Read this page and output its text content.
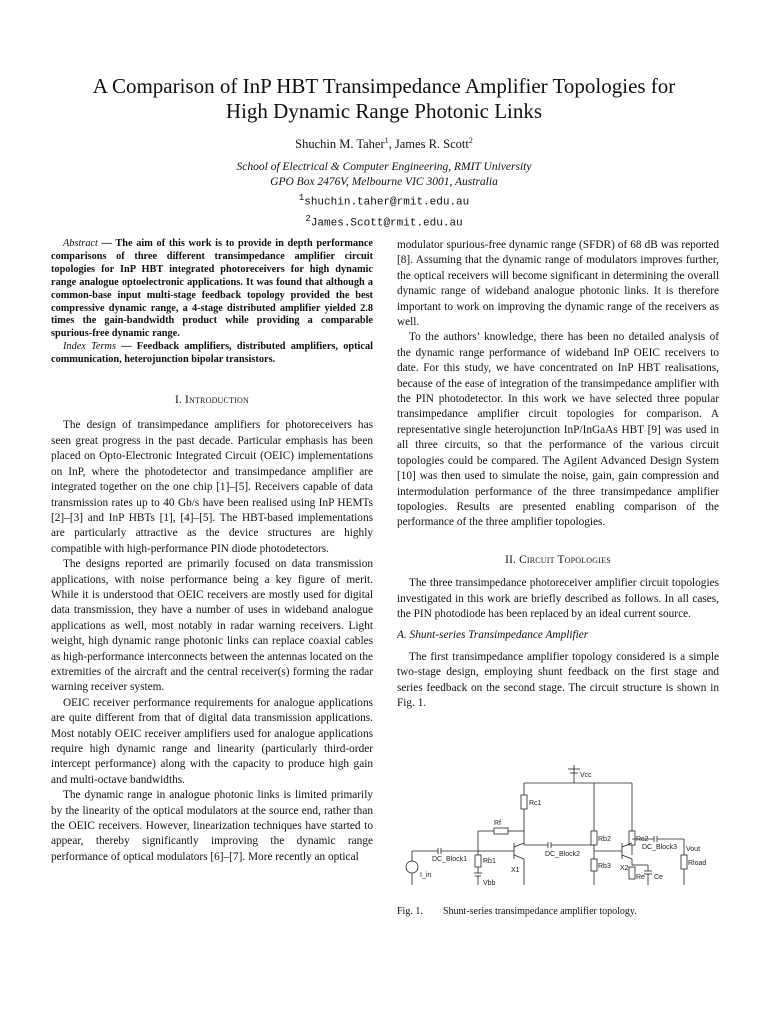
A Comparison of InP HBT Transimpedance Amplifier Topologies for
High Dynamic Range Photonic Links
Shuchin M. Taher$^1$, James R. Scott$^2$
School of Electrical & Computer Engineering, RMIT University
GPO Box 2476V, Melbourne VIC 3001, Australia
$^1$shuchin.taher@rmit.edu.au
$^2$James.Scott@rmit.edu.au

Abstract — The aim of this work is to provide in depth performance comparisons of three different transimpedance amplifier circuit topologies for InP HBT integrated photoreceivers for high dynamic range analogue optoelectronic applications. It was found that although a common-base input multi-stage feedback topology provided the best compressive dynamic range, a 4-stage distributed amplifier yielded 2.8 times the gain-bandwidth product while providing a comparable spurious-free dynamic range.

Index Terms — Feedback amplifiers, distributed amplifiers, optical communication, heterojunction bipolar transistors.

I. Introduction

The design of transimpedance amplifiers for photoreceivers has seen great progress in the past decade. Particular emphasis has been placed on Opto-Electronic Integrated Circuit (OEIC) implementations on InP, where the photodetector and transimpedance amplifier are integrated together on the one chip [1]–[5]. Receivers capable of data transmission rates up to 40 Gb/s have been realised using InP HEMTs [2]–[3] and InP HBTs [1], [4]–[5]. The HBT-based implementations are particularly attractive as the device structures are highly compatible with high-performance PIN diode photodetectors.

The designs reported are primarily focused on data transmission applications, with noise performance being a key figure of merit. While it is understood that OEIC receivers are mostly used for digital data transmission, they have a number of uses in wideband analogue applications as well, most notably in radar warning receivers. Light weight, high dynamic range photonic links can replace coaxial cables as high-performance interconnects between the antennas located on the extremities of the aircraft and the central receiver(s) forming the radar warning receiver system.

OEIC receiver performance requirements for analogue applications are quite different from that of digital data transmission applications. Most notably OEIC receiver amplifiers used for analogue applications require high dynamic range and linearity (particularly third-order intercept performance) along with the capacity to produce high gain and multi-octave bandwidths.

The dynamic range in analogue photonic links is limited primarily by the linearity of the optical modulators at the source end, rather than the OEIC receivers. However, linearization techniques have started to appear, thereby significantly improving the dynamic range performance of optical modulators [6]–[7]. More recently an optical

modulator spurious-free dynamic range (SFDR) of 68 dB was reported [8]. Assuming that the dynamic range of modulators improves further, the optical receivers will become significant in determining the overall dynamic range of wideband analogue photonic links. It is therefore important to work on improving the dynamic range of the receivers as well.

To the authors’ knowledge, there has been no detailed analysis of the dynamic range performance of wideband InP OEIC receivers to date. For this study, we have concentrated on InP HBT realisations, because of the ease of integration of the transimpedance amplifier with the PIN photodetector. In this work we have selected three popular transimpedance amplifier circuit topologies for comparison. A representative single heterojunction InP/InGaAs HBT [9] was used in all three circuits, so that the performance of the various circuit topologies could be compared. The Agilent Advanced Design System [10] was then used to simulate the noise, gain, gain compression and intermodulation performance of the three transimpedance amplifier topologies. Results are presented enabling comparison of the performance of the three amplifier topologies.

II. Circuit Topologies

The three transimpedance photoreceiver amplifier circuit topologies investigated in this work are briefly described as follows. In all cases, the PIN photodiode has been replaced by an ideal current source.

A. Shunt-series Transimpedance Amplifier

The first transimpedance amplifier topology considered is a simple two-stage design, employing shunt feedback on the first stage and series feedback on the second stage. The circuit structure is shown in Fig. 1.

Vcc
Rc1
Rb2	Rc2
Rf
DC_Block1
DC_Block2
DC_Block3
Rb1
X1	X2
Vout
I_in
Vbb
Rb3
Re Ce
Rload
Fig. 1. Shunt-series transimpedance amplifier topology.
